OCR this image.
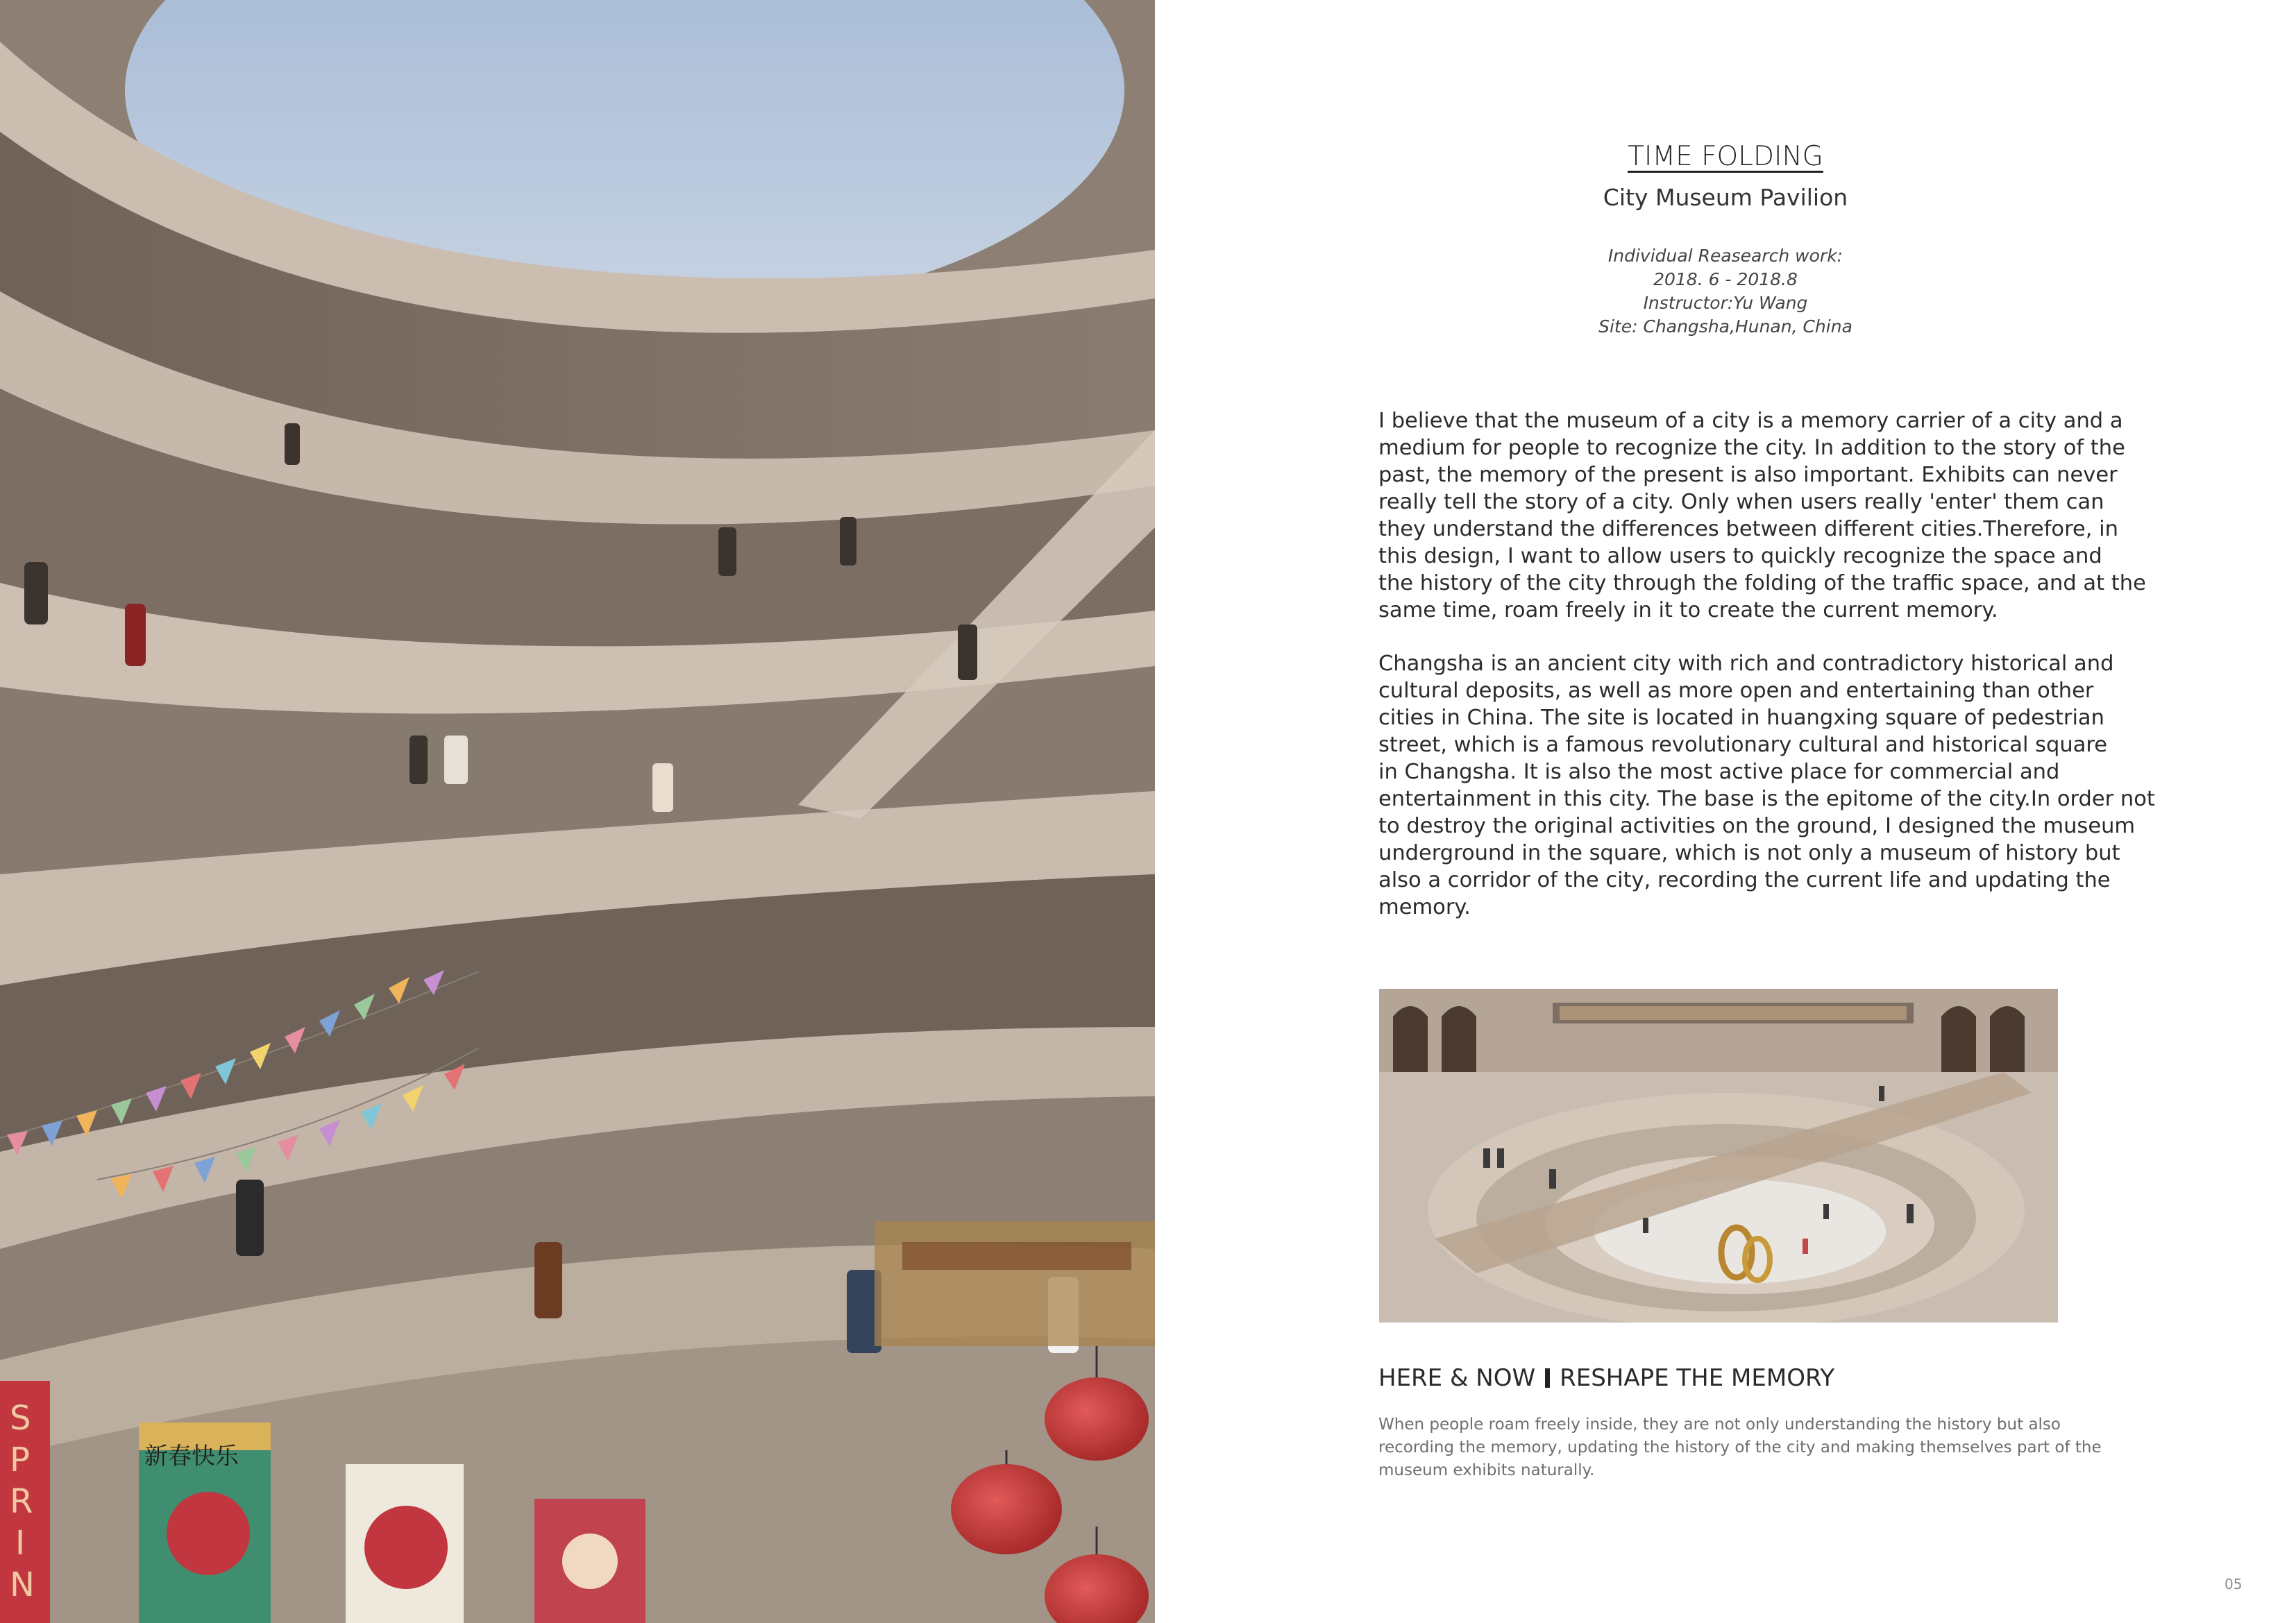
S
P
R
I
N
新春快乐
TIME FOLDING
City Museum Pavilion
Individual Reasearch work:
2018. 6 - 2018.8
Instructor:Yu Wang
Site: Changsha,Hunan, China
I believe that the museum of a city is a memory carrier of a city and a
medium for people to recognize the city. In addition to the story of the
past, the memory of the present is also important. Exhibits can never
really tell the story of a city. Only when users really 'enter' them can
they understand the differences between different cities.Therefore, in
this design, I want to allow users to quickly recognize the space and
the history of the city through the folding of the traffic space, and at the
same time, roam freely in it to create the current memory.
Changsha is an ancient city with rich and contradictory historical and
cultural deposits, as well as more open and entertaining than other
cities in China. The site is located in huangxing square of pedestrian
street, which is a famous revolutionary cultural and historical square
in Changsha. It is also the most active place for commercial and
entertainment in this city. The base is the epitome of the city.In order not
to destroy the original activities on the ground, I designed the museum
underground in the square, which is not only a museum of history but
also a corridor of the city, recording the current life and updating the
memory.
HERE & NOW RESHAPE THE MEMORY
When people roam freely inside, they are not only understanding the history but also
recording the memory, updating the history of the city and making themselves part of the
museum exhibits naturally.
05
